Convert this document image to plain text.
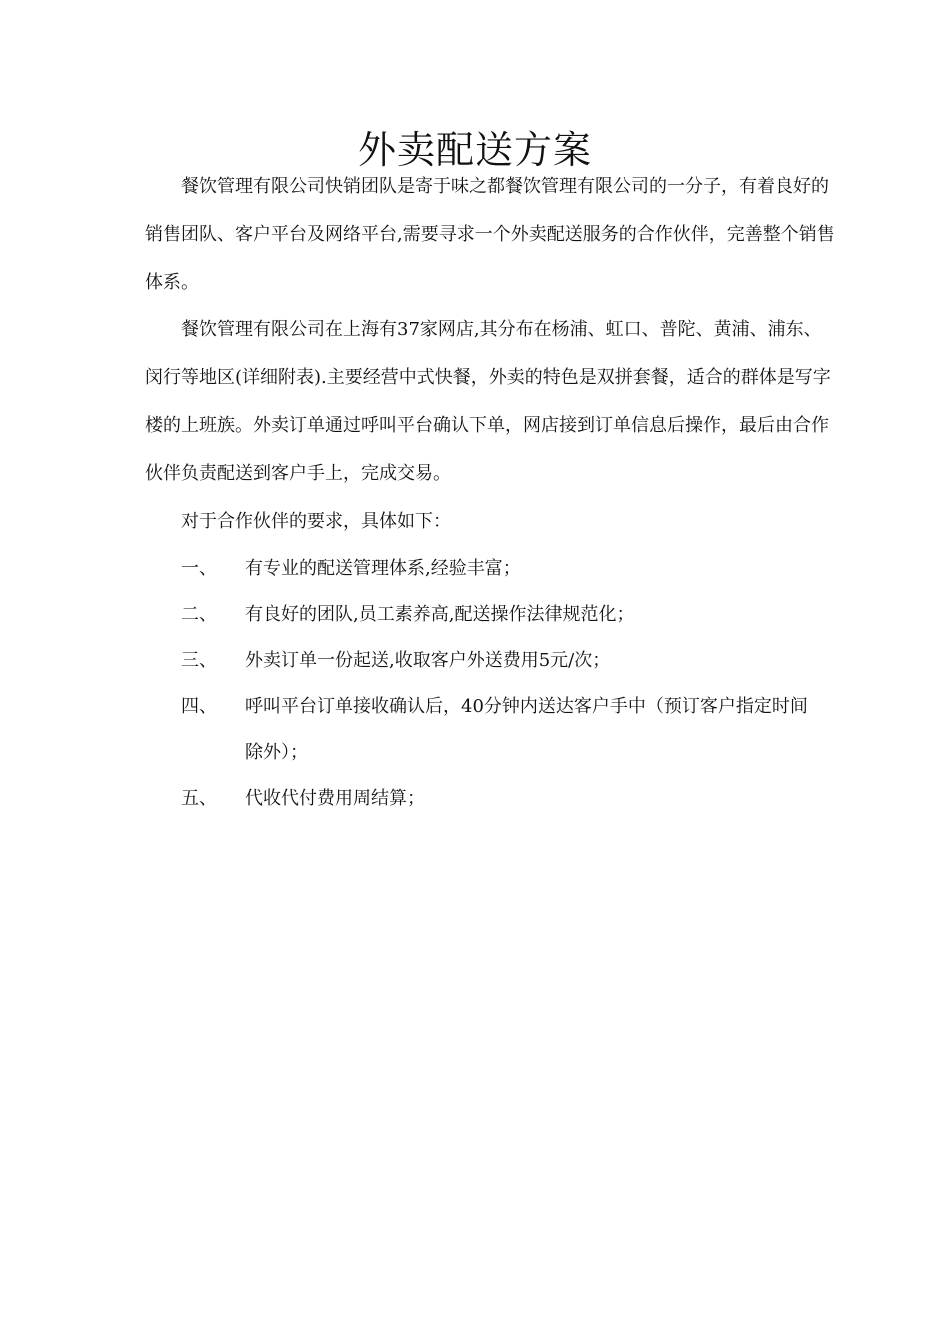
外卖配送方案

餐饮管理有限公司快销团队是寄于味之都餐饮管理有限公司的一分子，有着良好的销售团队、客户平台及网络平台,需要寻求一个外卖配送服务的合作伙伴，完善整个销售体系。

餐饮管理有限公司在上海有37家网店,其分布在杨浦、虹口、普陀、黄浦、浦东、闵行等地区(详细附表).主要经营中式快餐，外卖的特色是双拼套餐，适合的群体是写字楼的上班族。外卖订单通过呼叫平台确认下单，网店接到订单信息后操作，最后由合作伙伴负责配送到客户手上，完成交易。

对于合作伙伴的要求，具体如下：

一、 有专业的配送管理体系,经验丰富；
二、 有良好的团队,员工素养高,配送操作法律规范化；
三、 外卖订单一份起送,收取客户外送费用5元/次；
四、 呼叫平台订单接收确认后，40分钟内送达客户手中（预订客户指定时间除外）；
五、 代收代付费用周结算；
